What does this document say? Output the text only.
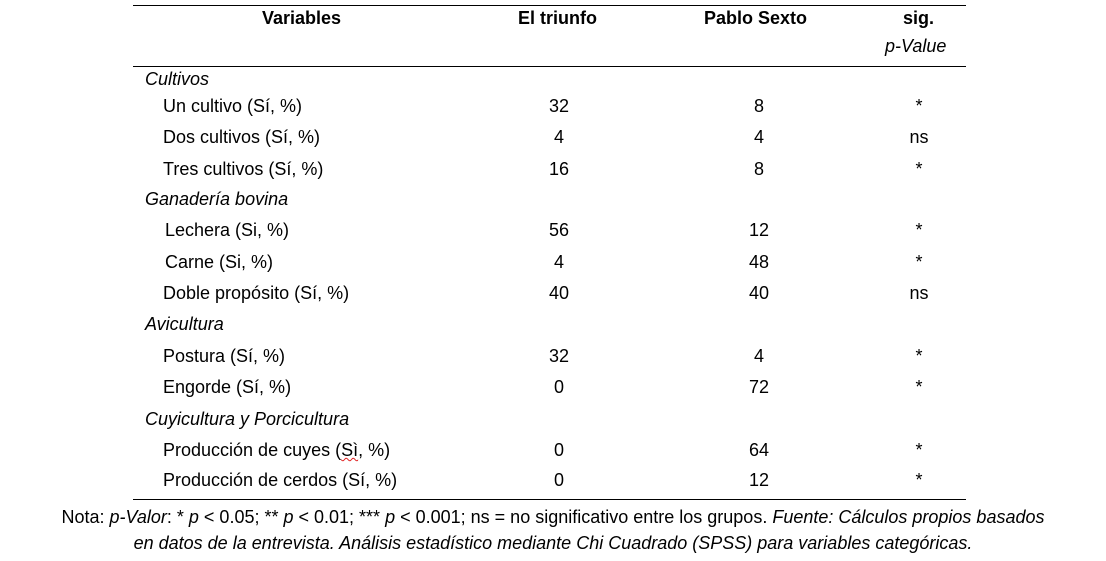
Variables	El triunfo	Pablo Sexto	sig.
p-Value
Cultivos
Un cultivo (Sí, %)	32	8	*
Dos cultivos (Sí, %)	4	4	ns
Tres cultivos (Sí, %)	16	8	*
Ganadería bovina
Lechera (Si, %)	56	12	*
Carne (Si, %)	4	48	*
Doble propósito (Sí, %)	40	40	ns
Avicultura
Postura (Sí, %)	32	4	*
Engorde (Sí, %)	0	72	*
Cuyicultura y Porcicultura
Producción de cuyes (Sì, %)	0	64	*
Producción de cerdos (Sí, %)	0	12	*
Nota: p-Valor: * p < 0.05; ** p < 0.01; *** p < 0.001; ns = no significativo entre los grupos. Fuente: Cálculos propios basados
en datos de la entrevista. Análisis estadístico mediante Chi Cuadrado (SPSS) para variables categóricas.
